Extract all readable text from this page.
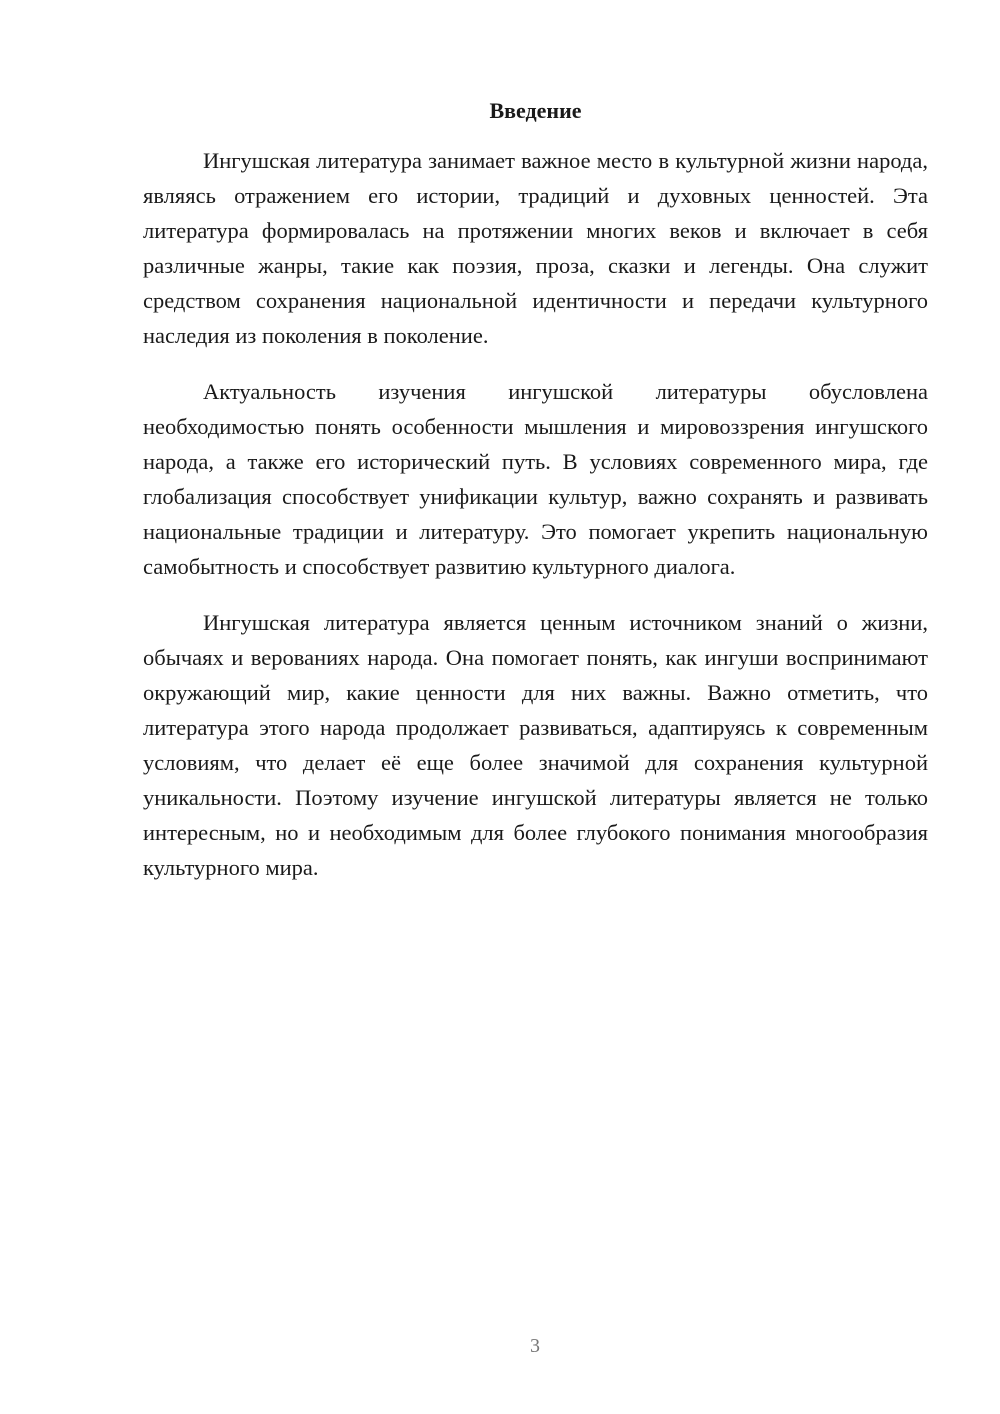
Введение

Ингушская литература занимает важное место в культурной жизни народа, являясь отражением его истории, традиций и духовных ценностей. Эта литература формировалась на протяжении многих веков и включает в себя различные жанры, такие как поэзия, проза, сказки и легенды. Она служит средством сохранения национальной идентичности и передачи культурного наследия из поколения в поколение.

Актуальность изучения ингушской литературы обусловлена необходимостью понять особенности мышления и мировоззрения ингушского народа, а также его исторический путь. В условиях современного мира, где глобализация способствует унификации культур, важно сохранять и развивать национальные традиции и литературу. Это помогает укрепить национальную самобытность и способствует развитию культурного диалога.

Ингушская литература является ценным источником знаний о жизни, обычаях и верованиях народа. Она помогает понять, как ингуши воспринимают окружающий мир, какие ценности для них важны. Важно отметить, что литература этого народа продолжает развиваться, адаптируясь к современным условиям, что делает её еще более значимой для сохранения культурной уникальности. Поэтому изучение ингушской литературы является не только интересным, но и необходимым для более глубокого понимания многообразия культурного мира.

3
